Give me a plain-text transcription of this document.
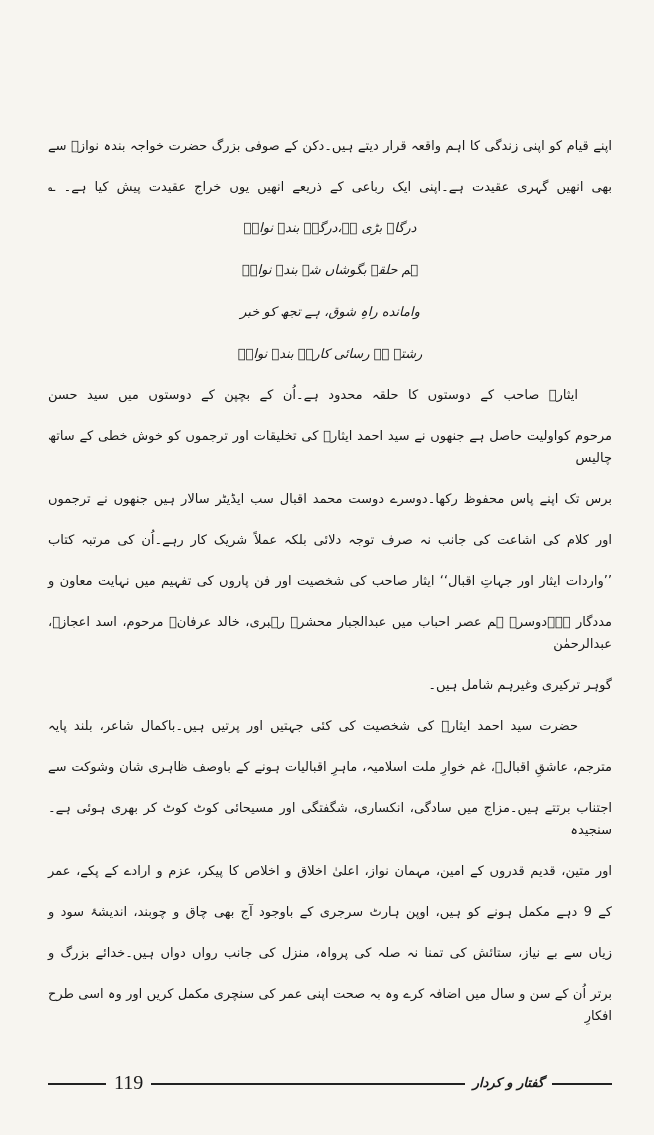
اپنے قیام کو اپنی زندگی کا اہم واقعہ قرار دیتے ہیں۔دکن کے صوفی بزرگ حضرت خواجہ بندہ نوازؒ سے
بھی انھیں گہری عقیدت ہے۔اپنی ایک رباعی کے ذریعے انھیں یوں خراج عقیدت پیش کیا ہے۔ ؎
درگاہ بڑی ہے،درگہِ بندہ نوازؒ
ہم حلقہ بگوشاں شہ بندہ نوازؒ
وامانده راہِ شوق، ہے تجھ کو خبر
رشتہ ہے رسائی کارہِ بندہ نوازؒ
ایثارؔ صاحب کے دوستوں کا حلقہ محدود ہے۔اُن کے بچپن کے دوستوں میں سید حسن
مرحوم کواولیت حاصل ہے جنھوں نے سید احمد ایثارؔ کی تخلیقات اور ترجموں کو خوش خطی کے ساتھ چالیس
برس تک اپنے پاس محفوظ رکھا۔دوسرے دوست محمد اقبال سب ایڈیٹر سالار ہیں جنھوں نے ترجموں
اور کلام کی اشاعت کی جانب نہ صرف توجہ دلائی بلکہ عملاً شریک کار رہے۔اُن کی مرتبہ کتاب
’’واردات ایثار اور جہاتِ اقبال‘‘ ایثار صاحب کی شخصیت اور فن پاروں کی تفہیم میں نہایت معاون و
مددگار ہے۔دوسرے ہم عصر احباب میں عبدالجبار محشرؔ رہبری، خالد عرفانؔ مرحوم، اسد اعجازؔ، عبدالرحمٰن
گوہر ترکیری وغیرہم شامل ہیں۔
حضرت سید احمد ایثارؔ کی شخصیت کی کئی جہتیں اور پرتیں ہیں۔باکمال شاعر، بلند پایہ
مترجم، عاشقِ اقبالؔ، غم خوارِ ملت اسلامیہ، ماہرِ اقبالیات ہونے کے باوصف ظاہری شان وشوکت سے
اجتناب برتتے ہیں۔مزاج میں سادگی، انکساری، شگفتگی اور مسیحائی کوٹ کوٹ کر بھری ہوئی ہے۔سنجیدہ
اور متین، قدیم قدروں کے امین، مہمان نواز، اعلیٰ اخلاق و اخلاص کا پیکر، عزم و ارادے کے پکے، عمر
کے 9 دہے مکمل ہونے کو ہیں، اوپن ہارٹ سرجری کے باوجود آج بھی چاق و چوبند، اندیشۂ سود و
زیاں سے بے نیاز، ستائش کی تمنا نہ صلہ کی پرواہ، منزل کی جانب رواں دواں ہیں۔خدائے بزرگ و
برتر اُن کے سن و سال میں اضافہ کرے وہ بہ صحت اپنی عمر کی سنچری مکمل کریں اور وہ اسی طرح افکارِ
119	گفتار و کردار
